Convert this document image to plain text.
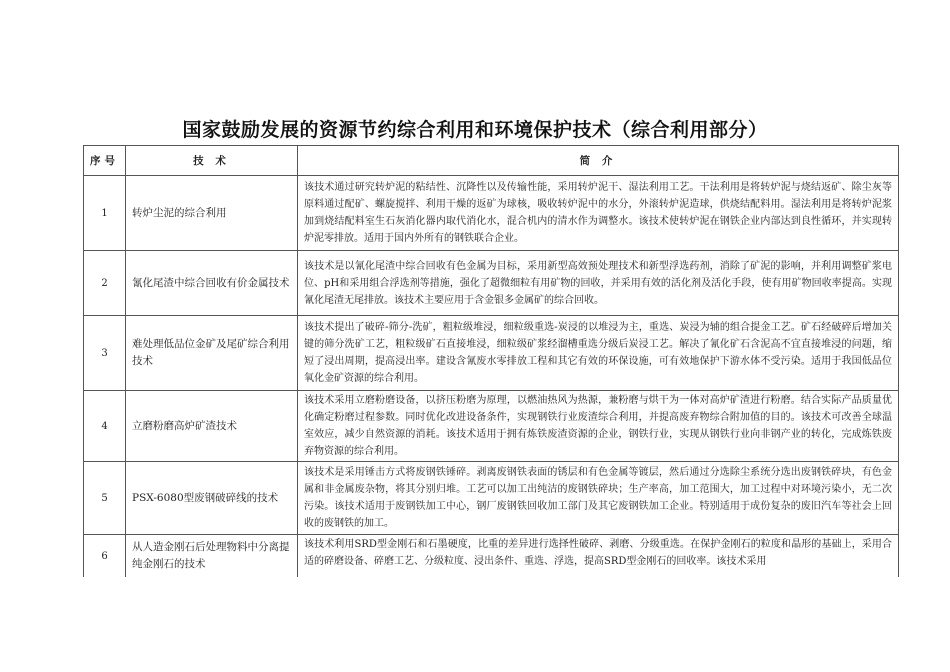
国家鼓励发展的资源节约综合利用和环境保护技术（综合利用部分）
序号	技 术	简 介
1	转炉尘泥的综合利用	该技术通过研究转炉泥的粘结性、沉降性以及传输性能，采用转炉泥干、湿法利用工艺。干法利用是将转炉泥与烧结返矿、除尘灰等原料通过配矿、螺旋搅拌、利用干燥的返矿为球核，吸收转炉泥中的水分，外滚转炉泥造球，供烧结配料用。湿法利用是将转炉泥浆加到烧结配料室生石灰消化器内取代消化水，混合机内的清水作为调整水。该技术使转炉泥在钢铁企业内部达到良性循环，并实现转炉泥零排放。适用于国内外所有的钢铁联合企业。
2	氰化尾渣中综合回收有价金属技术	该技术是以氰化尾渣中综合回收有色金属为目标，采用新型高效预处理技术和新型浮选药剂，消除了矿泥的影响，并利用调整矿浆电位、pH和采用组合浮选剂等措施，强化了超微细粒有用矿物的回收，并采用有效的活化剂及活化手段，使有用矿物回收率提高。实现氰化尾渣无尾排放。该技术主要应用于含金银多金属矿的综合回收。
3	难处理低品位金矿及尾矿综合利用技术	该技术提出了破碎-筛分-洗矿，粗粒级堆浸，细粒级重选-炭浸的以堆浸为主，重选、炭浸为辅的组合提金工艺。矿石经破碎后增加关键的筛分洗矿工艺，粗粒级矿石直接堆浸，细粒级矿浆经溜槽重选分级后炭浸工艺。解决了氰化矿石含泥高不宜直接堆浸的问题，缩短了浸出周期，提高浸出率。建设含氰废水零排放工程和其它有效的环保设施，可有效地保护下游水体不受污染。适用于我国低品位氧化金矿资源的综合利用。
4	立磨粉磨高炉矿渣技术	该技术采用立磨粉磨设备，以挤压粉磨为原理，以燃油热风为热源，兼粉磨与烘干为一体对高炉矿渣进行粉磨。结合实际产品质量优化确定粉磨过程参数。同时优化改进设备条件，实现钢铁行业废渣综合利用，并提高废弃物综合附加值的目的。该技术可改善全球温室效应，减少自然资源的消耗。该技术适用于拥有炼铁废渣资源的企业，钢铁行业，实现从钢铁行业向非钢产业的转化，完成炼铁废弃物资源的综合利用。
5	PSX-6080型废钢破碎线的技术	该技术是采用锤击方式将废钢铁锤碎。剥离废钢铁表面的锈层和有色金属等镀层，然后通过分选除尘系统分选出废钢铁碎块，有色金属和非金属废杂物，将其分别归堆。工艺可以加工出纯洁的废钢铁碎块；生产率高，加工范围大，加工过程中对环境污染小，无二次污染。该技术适用于废钢铁加工中心，钢厂废钢铁回收加工部门及其它废钢铁加工企业。特别适用于成份复杂的废旧汽车等社会上回收的废钢铁的加工。
6	从人造金刚石后处理物料中分离提纯金刚石的技术	该技术利用SRD型金刚石和石墨硬度，比重的差异进行选择性破碎、剥磨、分级重选。在保护金刚石的粒度和晶形的基础上，采用合适的碎磨设备、碎磨工艺、分级粒度、浸出条件、重选、浮选，提高SRD型金刚石的回收率。该技术采用
